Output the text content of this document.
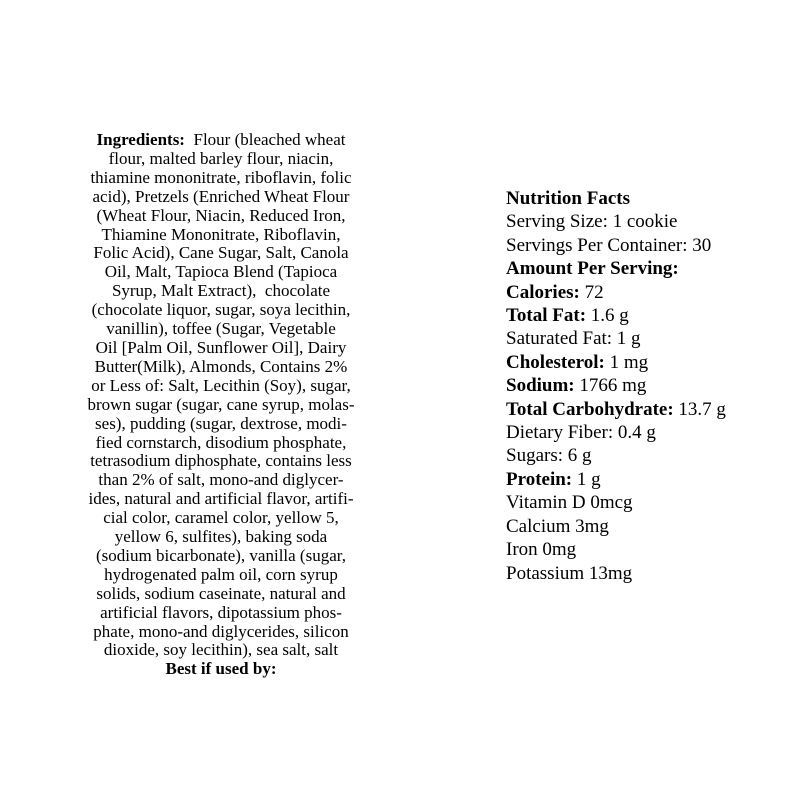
Ingredients:  Flour (bleached wheat
flour, malted barley flour, niacin,
thiamine mononitrate, riboflavin, folic
acid), Pretzels (Enriched Wheat Flour
(Wheat Flour, Niacin, Reduced Iron,
Thiamine Mononitrate, Riboflavin,
Folic Acid), Cane Sugar, Salt, Canola
Oil, Malt, Tapioca Blend (Tapioca
Syrup, Malt Extract),  chocolate
(chocolate liquor, sugar, soya lecithin,
vanillin), toffee (Sugar, Vegetable
Oil [Palm Oil, Sunflower Oil], Dairy
Butter(Milk), Almonds, Contains 2%
or Less of: Salt, Lecithin (Soy), sugar,
brown sugar (sugar, cane syrup, molas-
ses), pudding (sugar, dextrose, modi-
fied cornstarch, disodium phosphate,
tetrasodium diphosphate, contains less
than 2% of salt, mono-and diglycer-
ides, natural and artificial flavor, artifi-
cial color, caramel color, yellow 5,
yellow 6, sulfites), baking soda
(sodium bicarbonate), vanilla (sugar,
hydrogenated palm oil, corn syrup
solids, sodium caseinate, natural and
artificial flavors, dipotassium phos-
phate, mono-and diglycerides, silicon
dioxide, soy lecithin), sea salt, salt
Best if used by:
Nutrition Facts
Serving Size: 1 cookie
Servings Per Container: 30
Amount Per Serving:
Calories: 72
Total Fat: 1.6 g
Saturated Fat: 1 g
Cholesterol: 1 mg
Sodium: 1766 mg
Total Carbohydrate: 13.7 g
Dietary Fiber: 0.4 g
Sugars: 6 g
Protein: 1 g
Vitamin D 0mcg
Calcium 3mg
Iron 0mg
Potassium 13mg
